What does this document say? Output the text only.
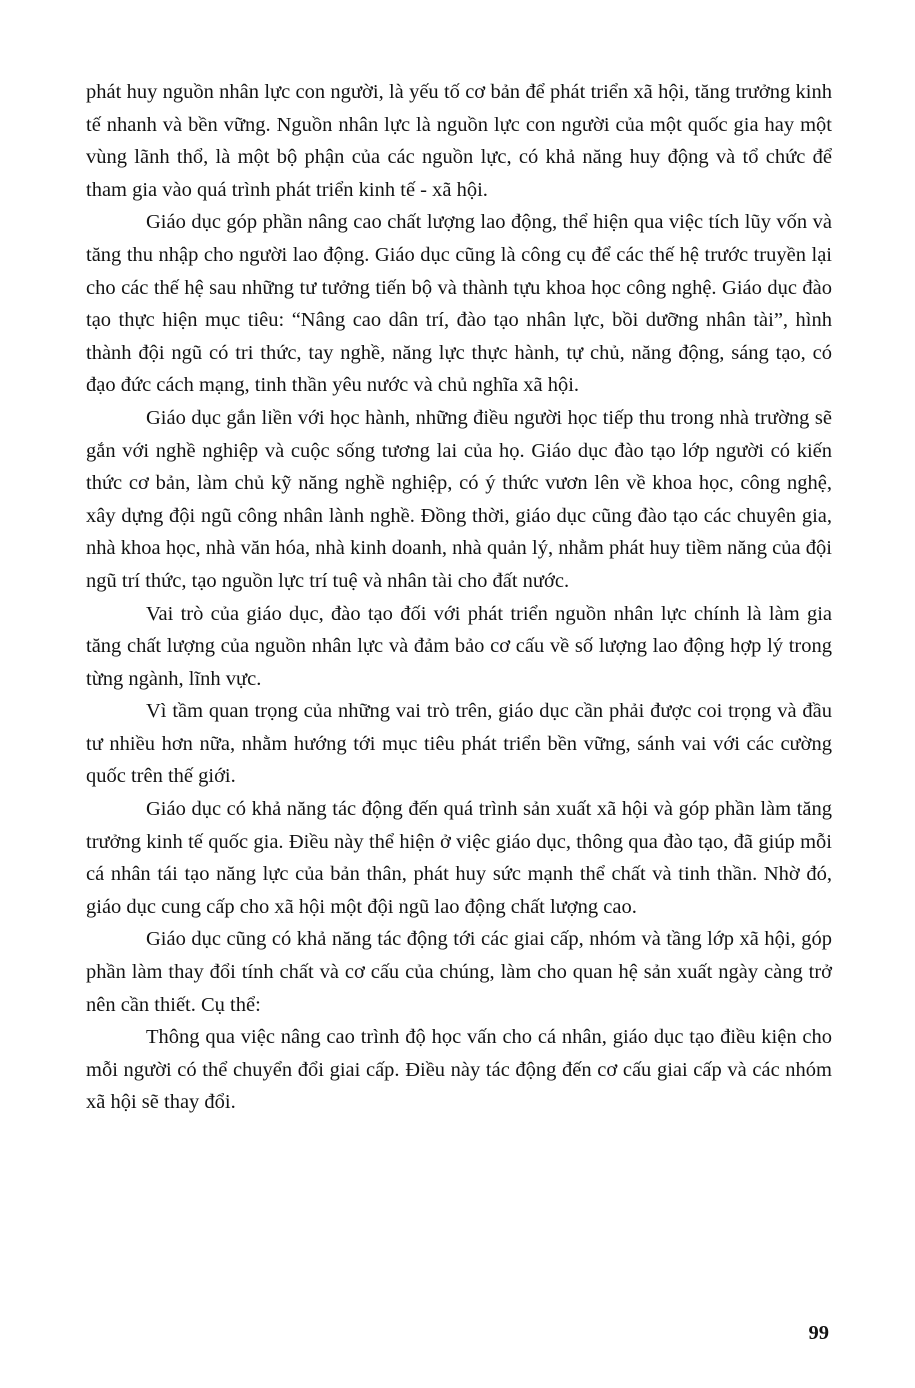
phát huy nguồn nhân lực con người, là yếu tố cơ bản để phát triển xã hội, tăng trưởng kinh tế nhanh và bền vững. Nguồn nhân lực là nguồn lực con người của một quốc gia hay một vùng lãnh thổ, là một bộ phận của các nguồn lực, có khả năng huy động và tổ chức để tham gia vào quá trình phát triển kinh tế - xã hội.

Giáo dục góp phần nâng cao chất lượng lao động, thể hiện qua việc tích lũy vốn và tăng thu nhập cho người lao động. Giáo dục cũng là công cụ để các thế hệ trước truyền lại cho các thế hệ sau những tư tưởng tiến bộ và thành tựu khoa học công nghệ. Giáo dục đào tạo thực hiện mục tiêu: “Nâng cao dân trí, đào tạo nhân lực, bồi dưỡng nhân tài”, hình thành đội ngũ có tri thức, tay nghề, năng lực thực hành, tự chủ, năng động, sáng tạo, có đạo đức cách mạng, tinh thần yêu nước và chủ nghĩa xã hội.

Giáo dục gắn liền với học hành, những điều người học tiếp thu trong nhà trường sẽ gắn với nghề nghiệp và cuộc sống tương lai của họ. Giáo dục đào tạo lớp người có kiến thức cơ bản, làm chủ kỹ năng nghề nghiệp, có ý thức vươn lên về khoa học, công nghệ, xây dựng đội ngũ công nhân lành nghề. Đồng thời, giáo dục cũng đào tạo các chuyên gia, nhà khoa học, nhà văn hóa, nhà kinh doanh, nhà quản lý, nhằm phát huy tiềm năng của đội ngũ trí thức, tạo nguồn lực trí tuệ và nhân tài cho đất nước.

Vai trò của giáo dục, đào tạo đối với phát triển nguồn nhân lực chính là làm gia tăng chất lượng của nguồn nhân lực và đảm bảo cơ cấu về số lượng lao động hợp lý trong từng ngành, lĩnh vực.

Vì tầm quan trọng của những vai trò trên, giáo dục cần phải được coi trọng và đầu tư nhiều hơn nữa, nhằm hướng tới mục tiêu phát triển bền vững, sánh vai với các cường quốc trên thế giới.

Giáo dục có khả năng tác động đến quá trình sản xuất xã hội và góp phần làm tăng trưởng kinh tế quốc gia. Điều này thể hiện ở việc giáo dục, thông qua đào tạo, đã giúp mỗi cá nhân tái tạo năng lực của bản thân, phát huy sức mạnh thể chất và tinh thần. Nhờ đó, giáo dục cung cấp cho xã hội một đội ngũ lao động chất lượng cao.

Giáo dục cũng có khả năng tác động tới các giai cấp, nhóm và tầng lớp xã hội, góp phần làm thay đổi tính chất và cơ cấu của chúng, làm cho quan hệ sản xuất ngày càng trở nên cần thiết. Cụ thể:

Thông qua việc nâng cao trình độ học vấn cho cá nhân, giáo dục tạo điều kiện cho mỗi người có thể chuyển đổi giai cấp. Điều này tác động đến cơ cấu giai cấp và các nhóm xã hội sẽ thay đổi.

99
